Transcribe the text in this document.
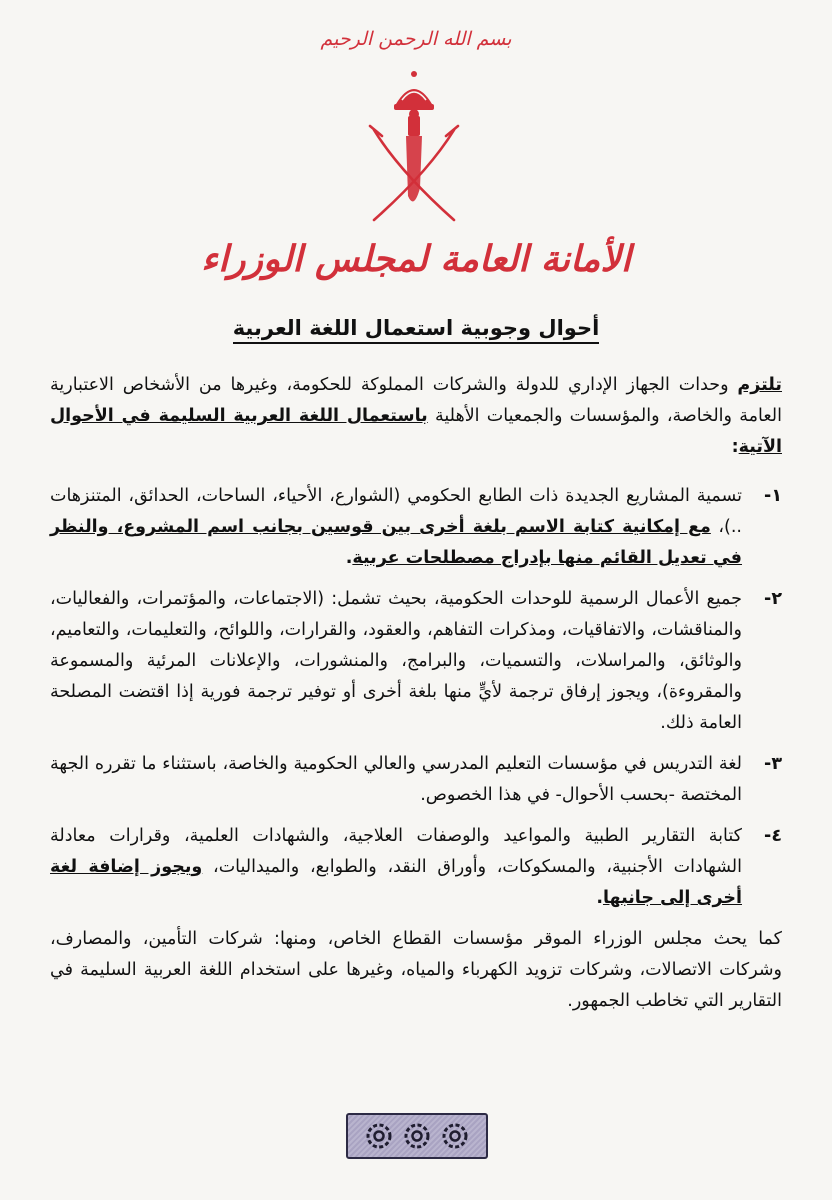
بسم الله الرحمن الرحيم
الأمانة العامة لمجلس الوزراء
أحوال وجوبية استعمال اللغة العربية

تلتزم وحدات الجهاز الإداري للدولة والشركات المملوكة للحكومة، وغيرها من الأشخاص الاعتبارية العامة والخاصة، والمؤسسات والجمعيات الأهلية باستعمال اللغة العربية السليمة في الأحوال الآتية:

١-
تسمية المشاريع الجديدة ذات الطابع الحكومي (الشوارع، الأحياء، الساحات، الحدائق، المتنزهات ..)، مع إمكانية كتابة الاسم بلغة أخرى بين قوسين بجانب اسم المشروع، والنظر في تعديل القائم منها بإدراج مصطلحات عربية.
٢-
جميع الأعمال الرسمية للوحدات الحكومية، بحيث تشمل: (الاجتماعات، والمؤتمرات، والفعاليات، والمناقشات، والاتفاقيات، ومذكرات التفاهم، والعقود، والقرارات، واللوائح، والتعليمات، والتعاميم، والوثائق، والمراسلات، والتسميات، والبرامج، والمنشورات، والإعلانات المرئية والمسموعة والمقروءة)، ويجوز إرفاق ترجمة لأيٍّ منها بلغة أخرى أو توفير ترجمة فورية إذا اقتضت المصلحة العامة ذلك.
٣-
لغة التدريس في مؤسسات التعليم المدرسي والعالي الحكومية والخاصة، باستثناء ما تقرره الجهة المختصة -بحسب الأحوال- في هذا الخصوص.
٤-
كتابة التقارير الطبية والمواعيد والوصفات العلاجية، والشهادات العلمية، وقرارات معادلة الشهادات الأجنبية، والمسكوكات، وأوراق النقد، والطوابع، والميداليات، ويجوز إضافة لغة أخرى إلى جانبها.

كما يحث مجلس الوزراء الموقر مؤسسات القطاع الخاص، ومنها: شركات التأمين، والمصارف، وشركات الاتصالات، وشركات تزويد الكهرباء والمياه، وغيرها على استخدام اللغة العربية السليمة في التقارير التي تخاطب الجمهور.
